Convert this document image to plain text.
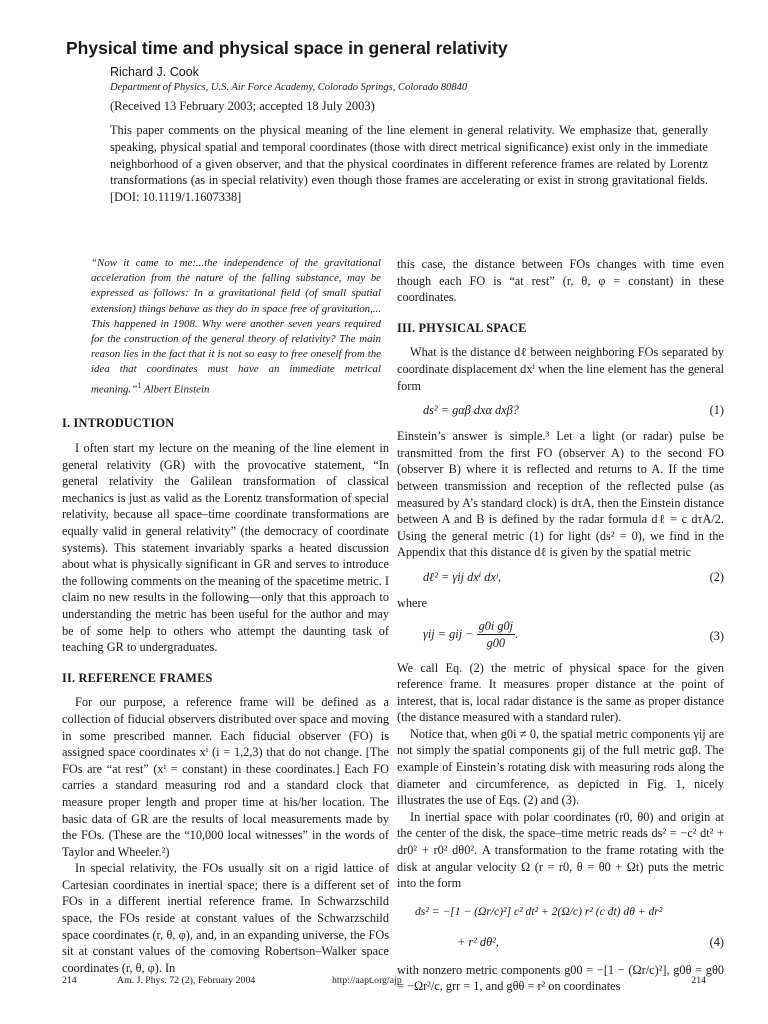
Physical time and physical space in general relativity
Richard J. Cook
Department of Physics, U.S. Air Force Academy, Colorado Springs, Colorado 80840
(Received 13 February 2003; accepted 18 July 2003)

This paper comments on the physical meaning of the line element in general relativity. We emphasize that, generally speaking, physical spatial and temporal coordinates (those with direct metrical significance) exist only in the immediate neighborhood of a given observer, and that the physical coordinates in different reference frames are related by Lorentz transformations (as in special relativity) even though those frames are accelerating or exist in strong gravitational fields. [DOI: 10.1119/1.1607338]

“Now it came to me:...the independence of the gravitational acceleration from the nature of the falling substance, may be expressed as follows: In a gravitational field (of small spatial extension) things behave as they do in space free of gravitation,... This happened in 1908. Why were another seven years required for the construction of the general theory of relativity? The main reason lies in the fact that it is not so easy to free oneself from the idea that coordinates must have an immediate metrical meaning.”$^1$ Albert Einstein
I. INTRODUCTION

I often start my lecture on the meaning of the line element in general relativity (GR) with the provocative statement, “In general relativity the Galilean transformation of classical mechanics is just as valid as the Lorentz transformation of special relativity, because all space–time coordinate transformations are equally valid in general relativity” (the democracy of coordinate systems). This statement invariably sparks a heated discussion about what is physically significant in GR and serves to introduce the following comments on the meaning of the spacetime metric. I claim no new results in the following—only that this approach to understanding the metric has been useful for the author and may be of some help to others who attempt the daunting task of teaching GR to undergraduates.

II. REFERENCE FRAMES

For our purpose, a reference frame will be defined as a collection of fiducial observers distributed over space and moving in some prescribed manner. Each fiducial observer (FO) is assigned space coordinates xⁱ (i = 1,2,3) that do not change. [The FOs are “at rest” (xⁱ = constant) in these coordinates.] Each FO carries a standard measuring rod and a standard clock that measure proper length and proper time at his/her location. The basic data of GR are the results of local measurements made by the FOs. (These are the “10,000 local witnesses” in the words of Taylor and Wheeler.²)

In special relativity, the FOs usually sit on a rigid lattice of Cartesian coordinates in inertial space; there is a different set of FOs in a different inertial reference frame. In Schwarzschild space, the FOs reside at constant values of the Schwarzschild space coordinates (r, θ, φ), and, in an expanding universe, the FOs sit at constant values of the comoving Robertson–Walker space coordinates (r, θ, φ). In

this case, the distance between FOs changes with time even though each FO is “at rest” (r, θ, φ = constant) in these coordinates.

III. PHYSICAL SPACE

What is the distance dℓ between neighboring FOs separated by coordinate displacement dxⁱ when the line element has the general form

ds² = gαβ dxα dxβ?	(1)

Einstein’s answer is simple.³ Let a light (or radar) pulse be transmitted from the first FO (observer A) to the second FO (observer B) where it is reflected and returns to A. If the time between transmission and reception of the reflected pulse (as measured by A’s standard clock) is dτA, then the Einstein distance between A and B is defined by the radar formula dℓ = c dτA/2. Using the general metric (1) for light (ds² = 0), we find in the Appendix that this distance dℓ is given by the spatial metric

dℓ² = γij dxⁱ dxʲ,	(2)

where

γij = gij − $\frac{\text{g0i g0j}}{g00}$ .	(3)

We call Eq. (2) the metric of physical space for the given reference frame. It measures proper distance at the point of interest, that is, local radar distance is the same as proper distance (the distance measured with a standard ruler).

Notice that, when g0i ≠ 0, the spatial metric components γij are not simply the spatial components gij of the full metric gαβ. The example of Einstein’s rotating disk with measuring rods along the diameter and circumference, as depicted in Fig. 1, nicely illustrates the use of Eqs. (2) and (3).

In inertial space with polar coordinates (r0, θ0) and origin at the center of the disk, the space–time metric reads ds² = −c² dt² + dr0² + r0² dθ0². A transformation to the frame rotating with the disk at angular velocity Ω (r = r0, θ = θ0 + Ωt) puts the metric into the form

ds² = −[1 − (Ωr/c)²] c² dt² + 2(Ω/c) r² (c dt) dθ + dr²
+ r² dθ²,	(4)

with nonzero metric components g00 = −[1 − (Ωr/c)²], g0θ = gθ0 = −Ωr²/c, grr = 1, and gθθ = r² on coordinates

214	Am. J. Phys. 72 (2), February 2004	http://aapt.org/ajp	214
